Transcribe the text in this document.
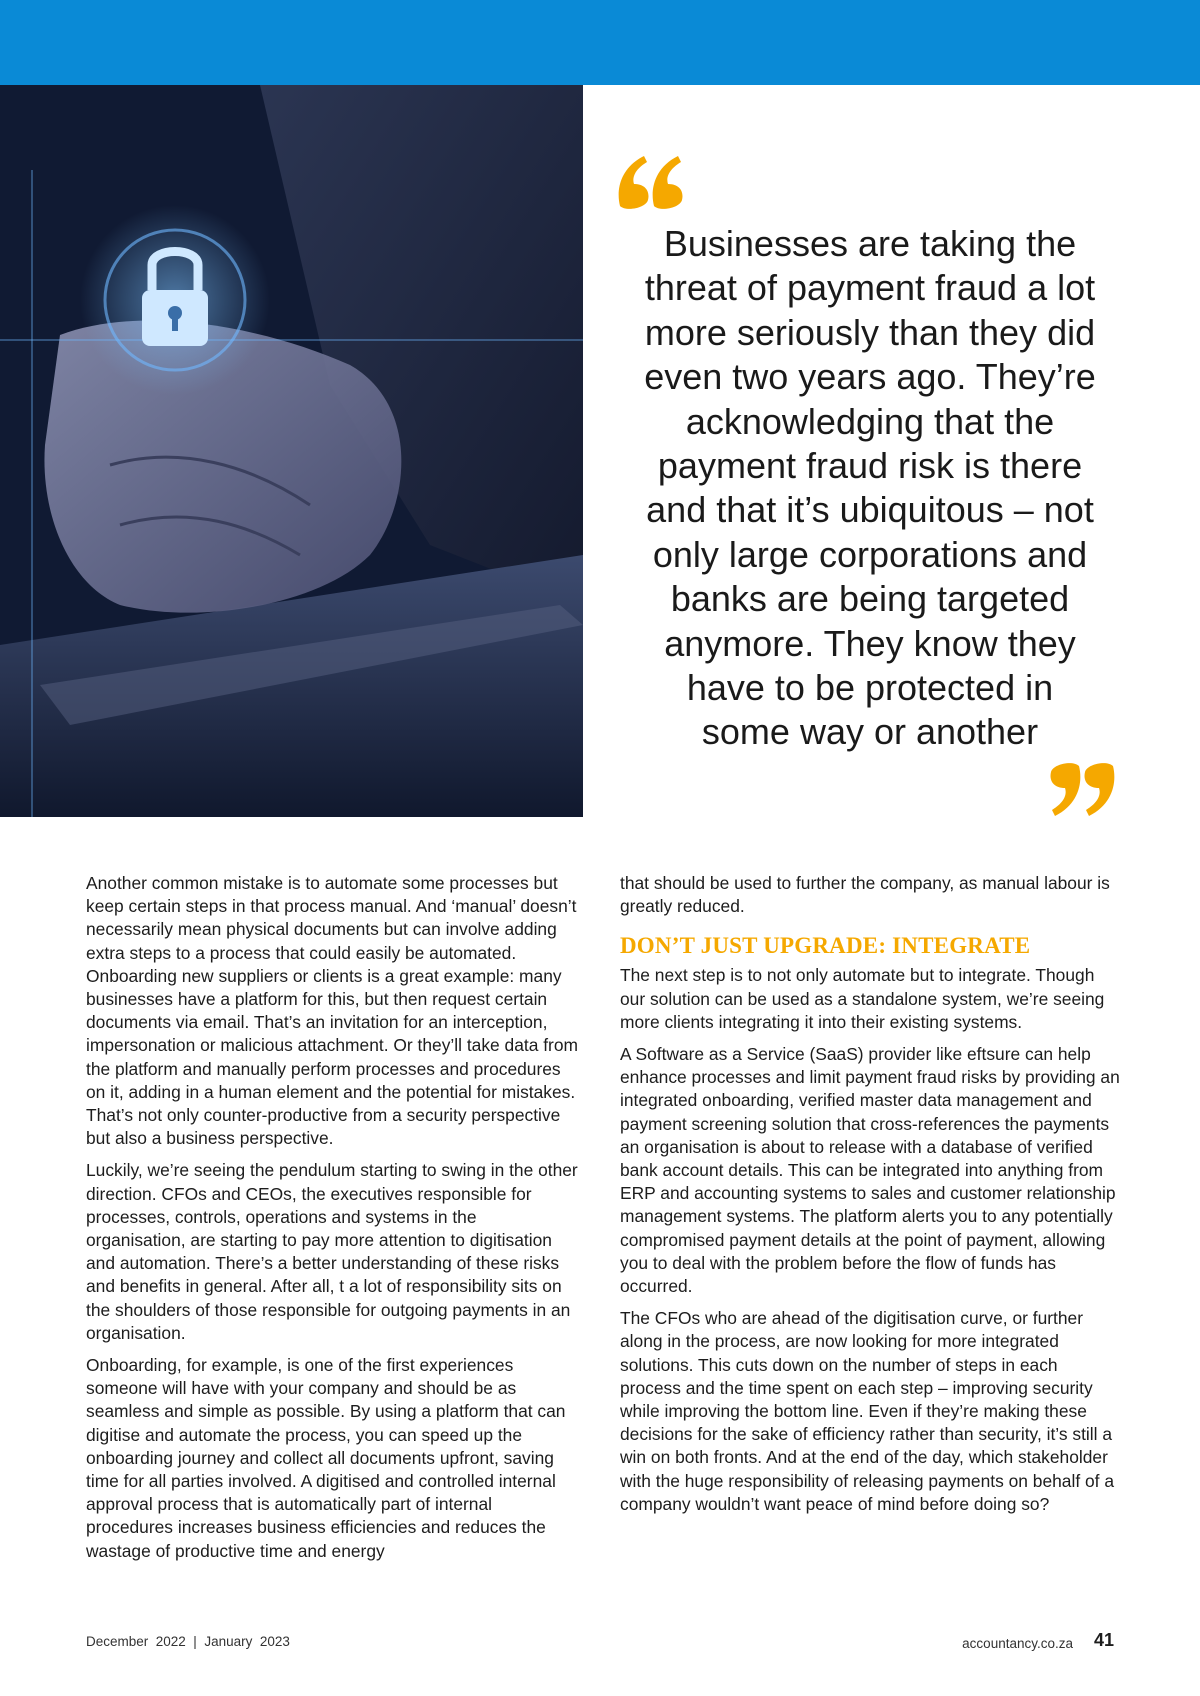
Businesses are taking the
threat of payment fraud a lot
more seriously than they did
even two years ago. They’re
acknowledging that the
payment fraud risk is there
and that it’s ubiquitous – not
only large corporations and
banks are being targeted
anymore. They know they
have to be protected in
some way or another

Another common mistake is to automate some processes but keep certain steps in that process manual. And ‘manual’ doesn’t necessarily mean physical documents but can involve adding extra steps to a process that could easily be automated. Onboarding new suppliers or clients is a great example: many businesses have a platform for this, but then request certain documents via email. That’s an invitation for an interception, impersonation or malicious attachment. Or they’ll take data from the platform and manually perform processes and procedures on it, adding in a human element and the potential for mistakes. That’s not only counter-productive from a security perspective but also a business perspective.

Luckily, we’re seeing the pendulum starting to swing in the other direction. CFOs and CEOs, the executives responsible for processes, controls, operations and systems in the organisation, are starting to pay more attention to digitisation and automation. There’s a better understanding of these risks and benefits in general. After all, t a lot of responsibility sits on the shoulders of those responsible for outgoing payments in an organisation.

Onboarding, for example, is one of the first experiences someone will have with your company and should be as seamless and simple as possible. By using a platform that can digitise and automate the process, you can speed up the onboarding journey and collect all documents upfront, saving time for all parties involved. A digitised and controlled internal approval process that is automatically part of internal procedures increases business efficiencies and reduces the wastage of productive time and energy

that should be used to further the company, as manual labour is greatly reduced.

DON’T JUST UPGRADE: INTEGRATE

The next step is to not only automate but to integrate. Though our solution can be used as a standalone system, we’re seeing more clients integrating it into their existing systems.

A Software as a Service (SaaS) provider like eftsure can help enhance processes and limit payment fraud risks by providing an integrated onboarding, verified master data management and payment screening solution that cross-references the payments an organisation is about to release with a database of verified bank account details. This can be integrated into anything from ERP and accounting systems to sales and customer relationship management systems. The platform alerts you to any potentially compromised payment details at the point of payment, allowing you to deal with the problem before the flow of funds has occurred.

The CFOs who are ahead of the digitisation curve, or further along in the process, are now looking for more integrated solutions. This cuts down on the number of steps in each process and the time spent on each step – improving security while improving the bottom line. Even if they’re making these decisions for the sake of efficiency rather than security, it’s still a win on both fronts. And at the end of the day, which stakeholder with the huge responsibility of releasing payments on behalf of a company wouldn’t want peace of mind before doing so?

December  2022  |  January  2023	accountancy.co.za 41
